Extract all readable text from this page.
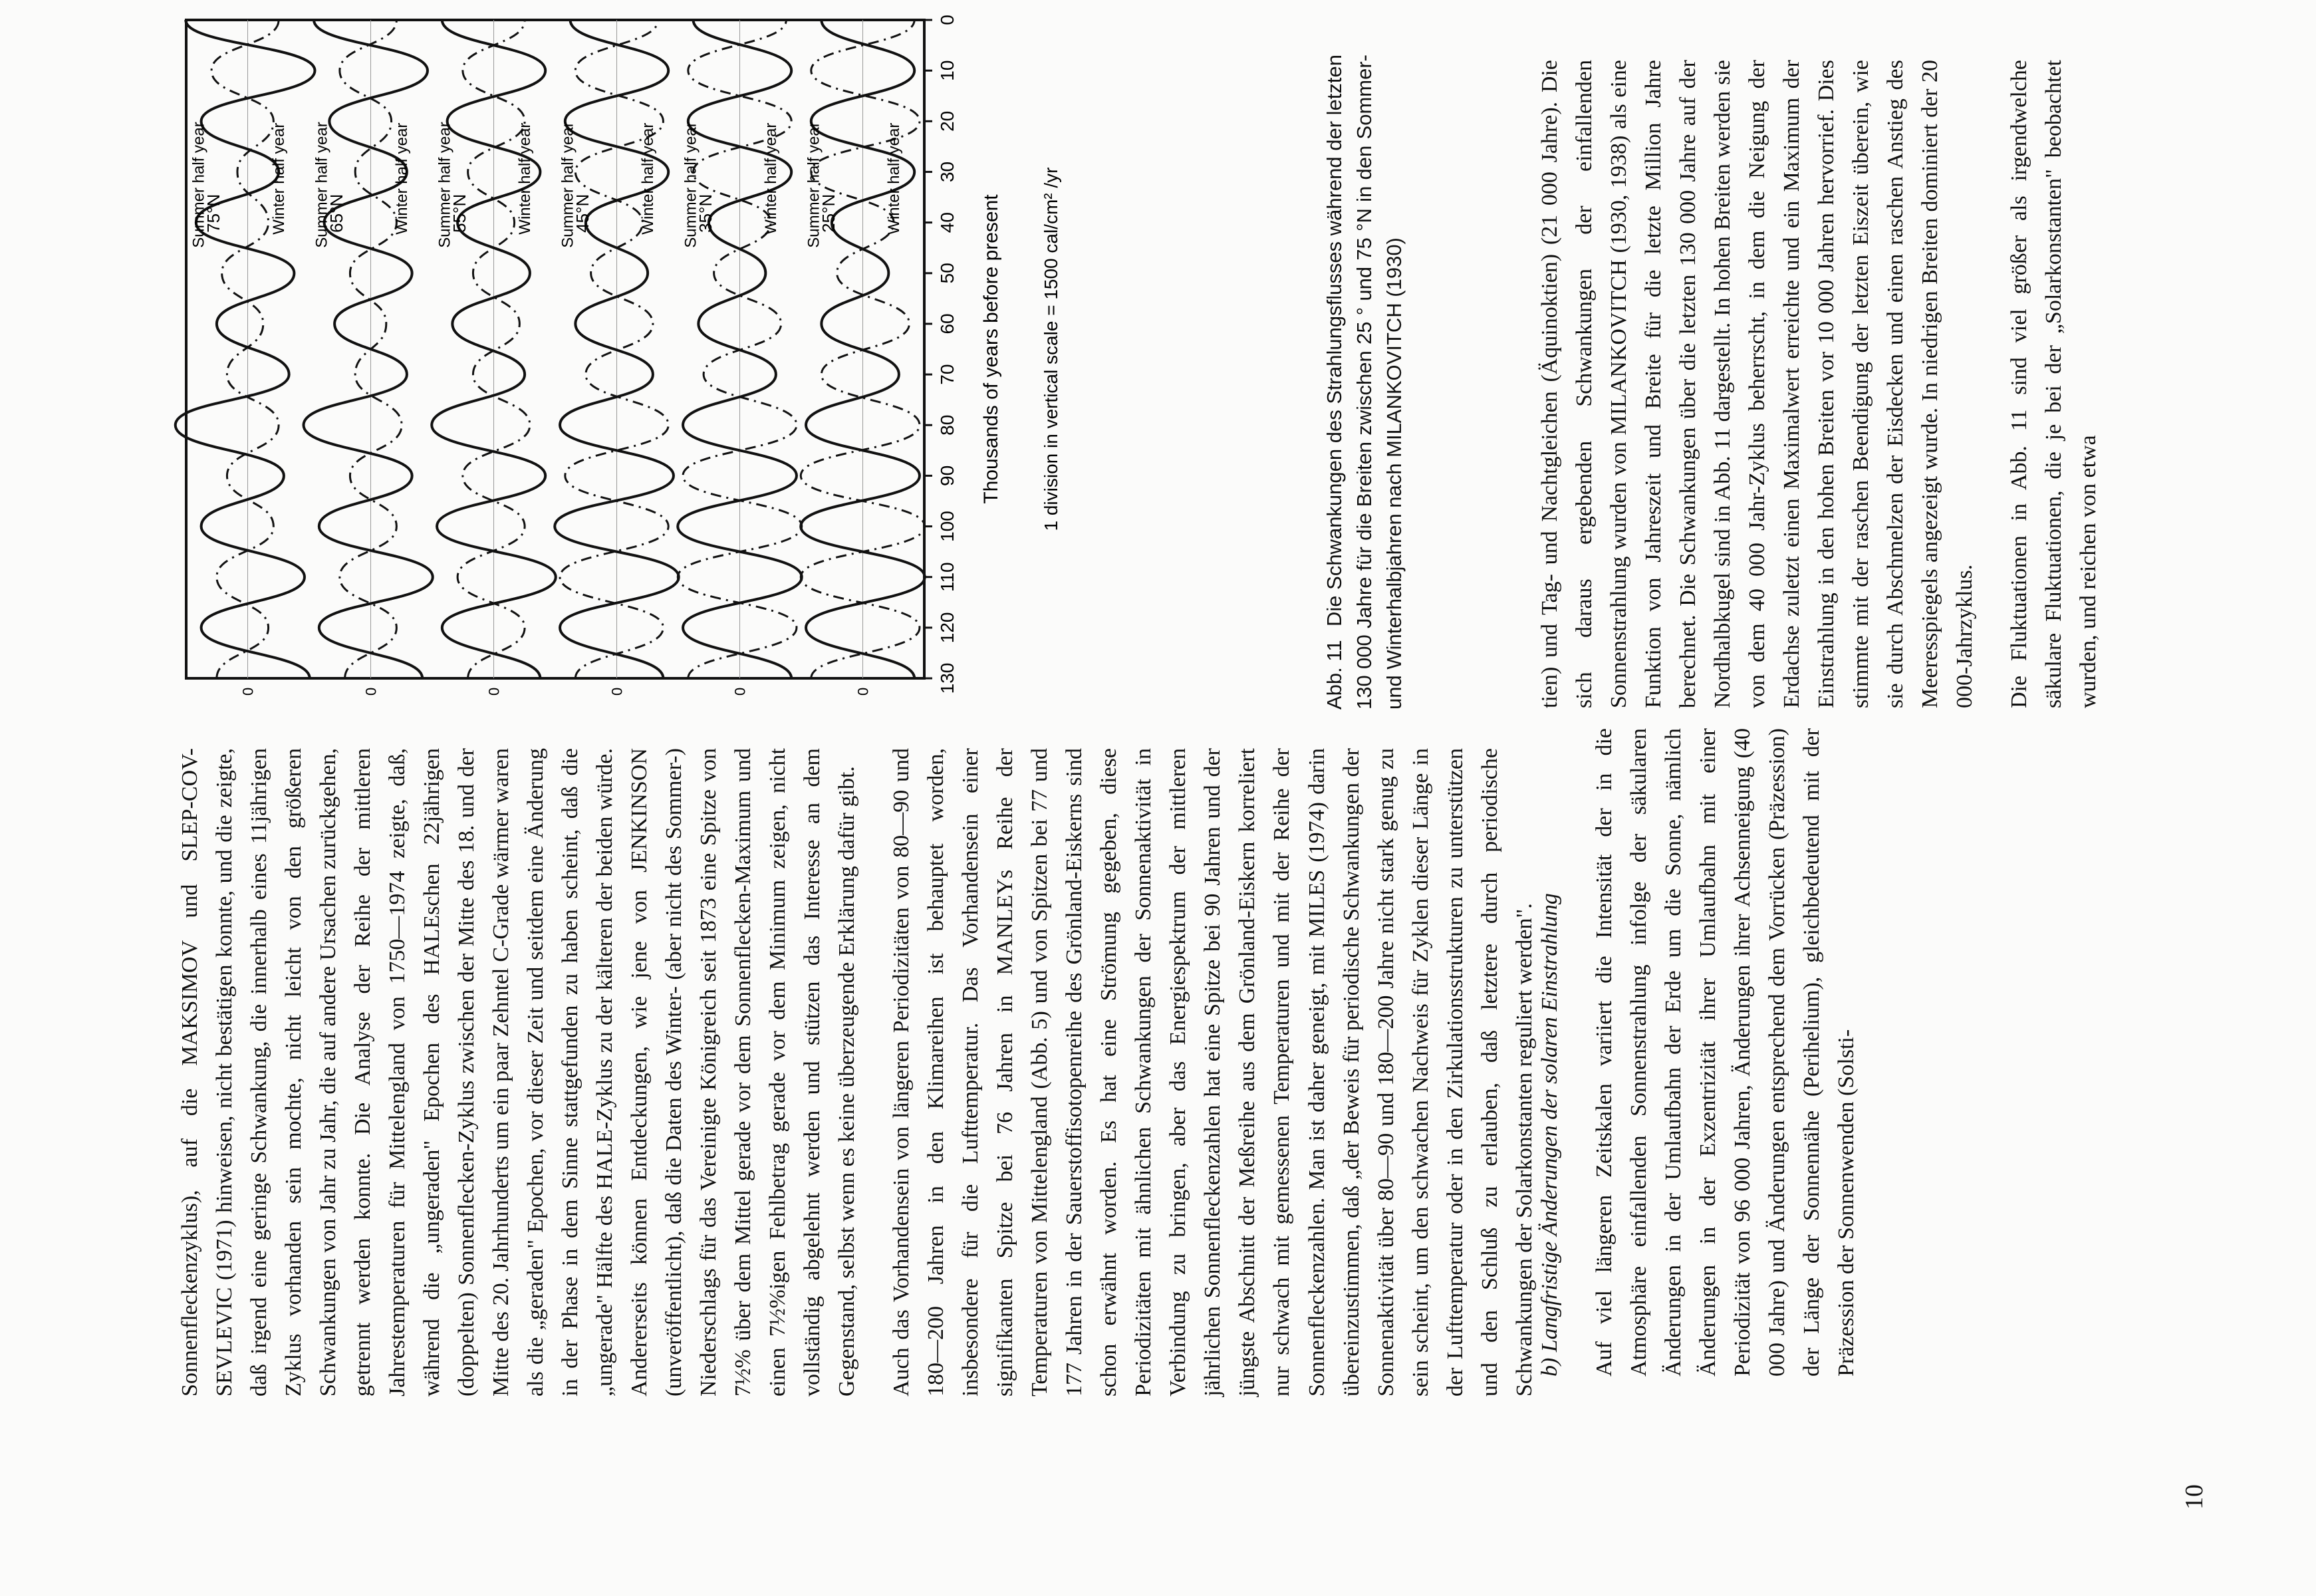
Sonnenfleckenzyklus), auf die MAKSIMOV und SLEP-COV-SEVLEVIC (1971) hinweisen, nicht bestätigen konnte, und die zeigte, daß irgend eine geringe Schwankung, die innerhalb eines 11jährigen Zyklus vorhanden sein mochte, nicht leicht von den größeren Schwankungen von Jahr zu Jahr, die auf andere Ursachen zurückgehen, getrennt werden konnte. Die Analyse der Reihe der mittleren Jahrestemperaturen für Mittelengland von 1750—1974 zeigte, daß, während die „ungeraden" Epochen des HALEschen 22jährigen (doppelten) Sonnenflecken-Zyklus zwischen der Mitte des 18. und der Mitte des 20. Jahrhunderts um ein paar Zehntel C-Grade wärmer waren als die „geraden" Epochen, vor dieser Zeit und seitdem eine Änderung in der Phase in dem Sinne stattgefunden zu haben scheint, daß die „ungerade" Hälfte des HALE-Zyklus zu der kälteren der beiden würde. Andererseits können Entdeckungen, wie jene von JENKINSON (unveröffentlicht), daß die Daten des Winter- (aber nicht des Sommer-) Niederschlags für das Vereinigte Königreich seit 1873 eine Spitze von 7½% über dem Mittel gerade vor dem Sonnenflecken-Maximum und einen 7½%igen Fehlbetrag gerade vor dem Minimum zeigen, nicht vollständig abgelehnt werden und stützen das Interesse an dem Gegenstand, selbst wenn es keine überzeugende Erklärung dafür gibt. Auch das Vorhandensein von längeren Periodizitäten von 80—90 und 180—200 Jahren in den Klimareihen ist behauptet worden, insbesondere für die Lufttemperatur. Das Vorhandensein einer signifikanten Spitze bei 76 Jahren in MANLEYs Reihe der Temperaturen von Mittelengland (Abb. 5) und von Spitzen bei 77 und 177 Jahren in der Sauerstoffisotopenreihe des Grönland-Eiskerns sind schon erwähnt worden. Es hat eine Strömung gegeben, diese Periodizitäten mit ähnlichen Schwankungen der Sonnenaktivität in Verbindung zu bringen, aber das Energiespektrum der mittleren jährlichen Sonnenfleckenzahlen hat eine Spitze bei 90 Jahren und der jüngste Abschnitt der Meßreihe aus dem Grönland-Eiskern korreliert nur schwach mit gemessenen Temperaturen und mit der Reihe der Sonnenfleckenzahlen. Man ist daher geneigt, mit MILES (1974) darin übereinzustimmen, daß „der Beweis für periodische Schwankungen der Sonnenaktivität über 80—90 und 180—200 Jahre nicht stark genug zu sein scheint, um den schwachen Nachweis für Zyklen dieser Länge in der Lufttemperatur oder in den Zirkulationsstrukturen zu unterstützen und den Schluß zu erlauben, daß letztere durch periodische Schwankungen der Solarkonstanten reguliert werden".

Summer half year	Winter half year
75°N
0
Summer half year	Winter half year
65°N
0
Summer half year	Winter half year
55°N
0
Summer half year	Winter half year
45°N
0
Summer half year	Winter half year
35°N
0
Summer half year	Winter half year
25°N
0	130
120
110
100
90
80
70
60
50
40
30
20
10
0
Thousands of years before present 1 division in vertical scale = 1500 cal/cm² /yr
Abb. 11Die Schwankungen des Strahlungsflusses während der letzten 130 000 Jahre für die Breiten zwischen 25 ° und 75 °N in den Sommer- und Winterhalbjahren nach MILANKOVITCH (1930)

b) Langfristige Änderungen der solaren Einstrahlung Auf viel längeren Zeitskalen variiert die Intensität der in die Atmosphäre einfallenden Sonnenstrahlung infolge der säkularen Änderungen in der Umlaufbahn der Erde um die Sonne, nämlich Änderungen in der Exzentrizität ihrer Umlaufbahn mit einer Periodizität von 96 000 Jahren, Änderungen ihrer Achsenneigung (40 000 Jahre) und Änderungen entsprechend dem Vorrücken (Präzession) der Länge der Sonnennähe (Perihelium), gleichbedeutend mit der Präzession der Sonnenwenden (Solsti-

tien) und Tag- und Nachtgleichen (Äquinoktien) (21 000 Jahre). Die sich daraus ergebenden Schwankungen der einfallenden Sonnenstrahlung wurden von MILANKOVITCH (1930, 1938) als eine Funktion von Jahreszeit und Breite für die letzte Million Jahre berechnet. Die Schwankungen über die letzten 130 000 Jahre auf der Nordhalbkugel sind in Abb. 11 dargestellt. In hohen Breiten werden sie von dem 40 000 Jahr-Zyklus beherrscht, in dem die Neigung der Erdachse zuletzt einen Maximalwert erreichte und ein Maximum der Einstrahlung in den hohen Breiten vor 10 000 Jahren hervorrief. Dies stimmte mit der raschen Beendigung der letzten Eiszeit überein, wie sie durch Abschmelzen der Eisdecken und einen raschen Anstieg des Meeresspiegels angezeigt wurde. In niedrigen Breiten dominiert der 20 000-Jahrzyklus. Die Fluktuationen in Abb. 11 sind viel größer als irgendwelche säkulare Fluktuationen, die je bei der „Solarkonstanten" beobachtet wurden, und reichen von etwa

10
